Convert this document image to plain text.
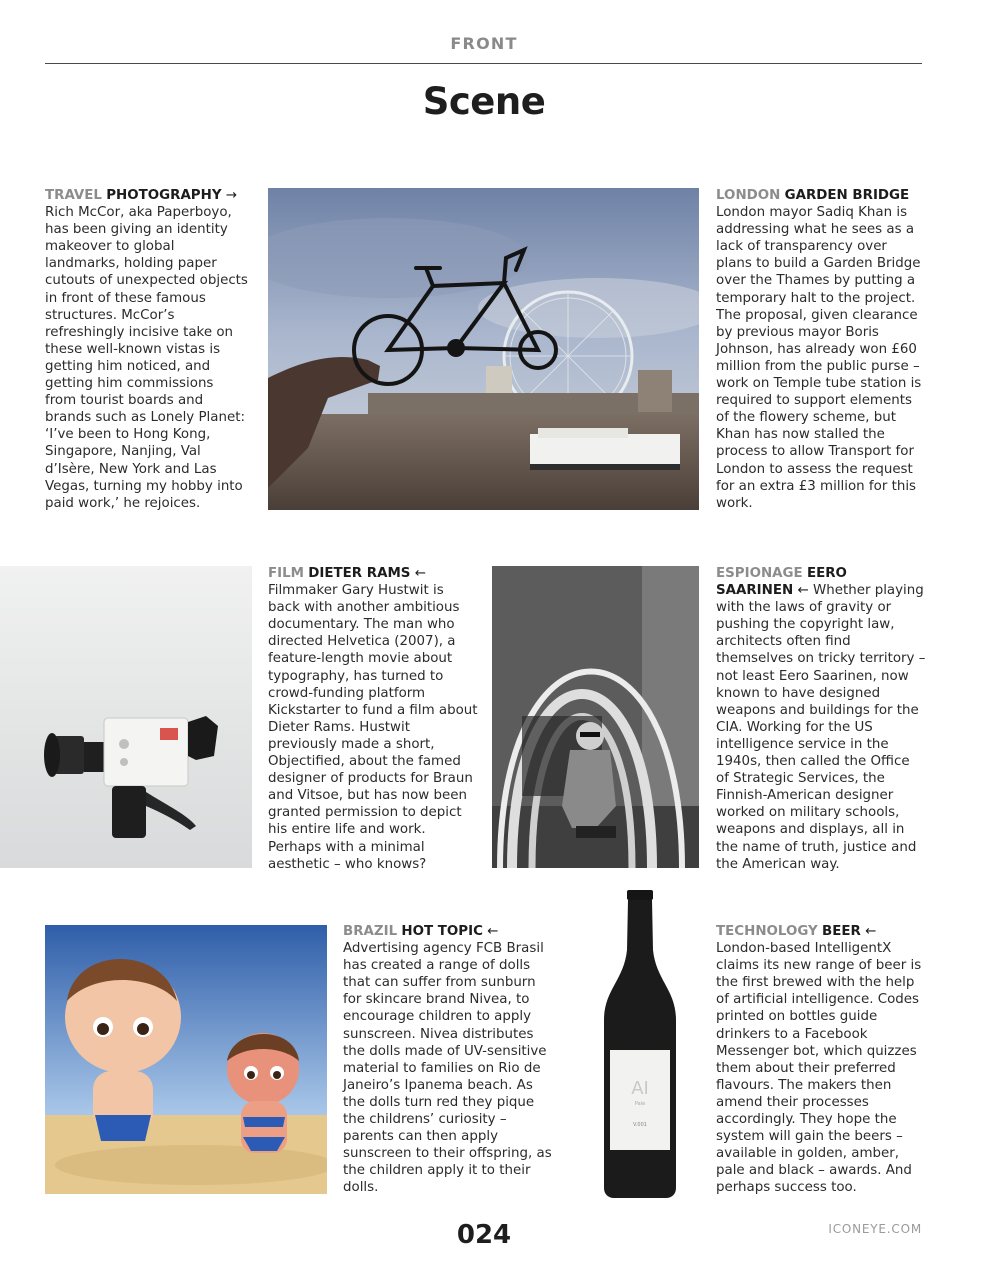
FRONT
Scene
TRAVEL PHOTOGRAPHY → Rich McCor, aka Paperboyo, has been giving an identity makeover to global landmarks, holding paper cutouts of unexpected objects in front of these famous structures. McCor’s refreshingly incisive take on these well-known vistas is getting him noticed, and getting him commissions from tourist boards and brands such as Lonely Planet: ‘I’ve been to Hong Kong, Singapore, Nanjing, Val d’Isère, New York and Las Vegas, turning my hobby into paid work,’ he rejoices.
LONDON GARDEN BRIDGE
London mayor Sadiq Khan is addressing what he sees as a lack of transparency over plans to build a Garden Bridge over the Thames by putting a temporary halt to the project. The proposal, given clearance by previous mayor Boris Johnson, has already won £60 million from the public purse – work on Temple tube station is required to support elements of the flowery scheme, but Khan has now stalled the process to allow Transport for London to assess the request for an extra £3 million for this work.
FILM DIETER RAMS ←
Filmmaker Gary Hustwit is back with another ambitious documentary. The man who directed Helvetica (2007), a feature-length movie about typography, has turned to crowd-funding platform Kickstarter to fund a film about Dieter Rams. Hustwit previously made a short, Objectified, about the famed designer of products for Braun and Vitsoe, but has now been granted permission to depict his entire life and work. Perhaps with a minimal aesthetic – who knows?
ESPIONAGE EERO SAARINEN ← Whether playing with the laws of gravity or pushing the copyright law, architects often find themselves on tricky territory – not least Eero Saarinen, now known to have designed weapons and buildings for the CIA. Working for the US intelligence service in the 1940s, then called the Office of Strategic Services, the Finnish-American designer worked on military schools, weapons and displays, all in the name of truth, justice and the American way.
BRAZIL HOT TOPIC ←
Advertising agency FCB Brasil has created a range of dolls that can suffer from sunburn for skincare brand Nivea, to encourage children to apply sunscreen. Nivea distributes the dolls made of UV-sensitive material to families on Rio de Janeiro’s Ipanema beach. As the dolls turn red they pique the childrens’ curiosity – parents can then apply sunscreen to their offspring, as the children apply it to their dolls.
AI
Pale
V.001
TECHNOLOGY BEER ←
London-based IntelligentX claims its new range of beer is the first brewed with the help of artificial intelligence. Codes printed on bottles guide drinkers to a Facebook Messenger bot, which quizzes them about their preferred flavours. The makers then amend their processes accordingly. They hope the system will gain the beers – available in golden, amber, pale and black – awards. And perhaps success too.
024	ICONEYE.COM
